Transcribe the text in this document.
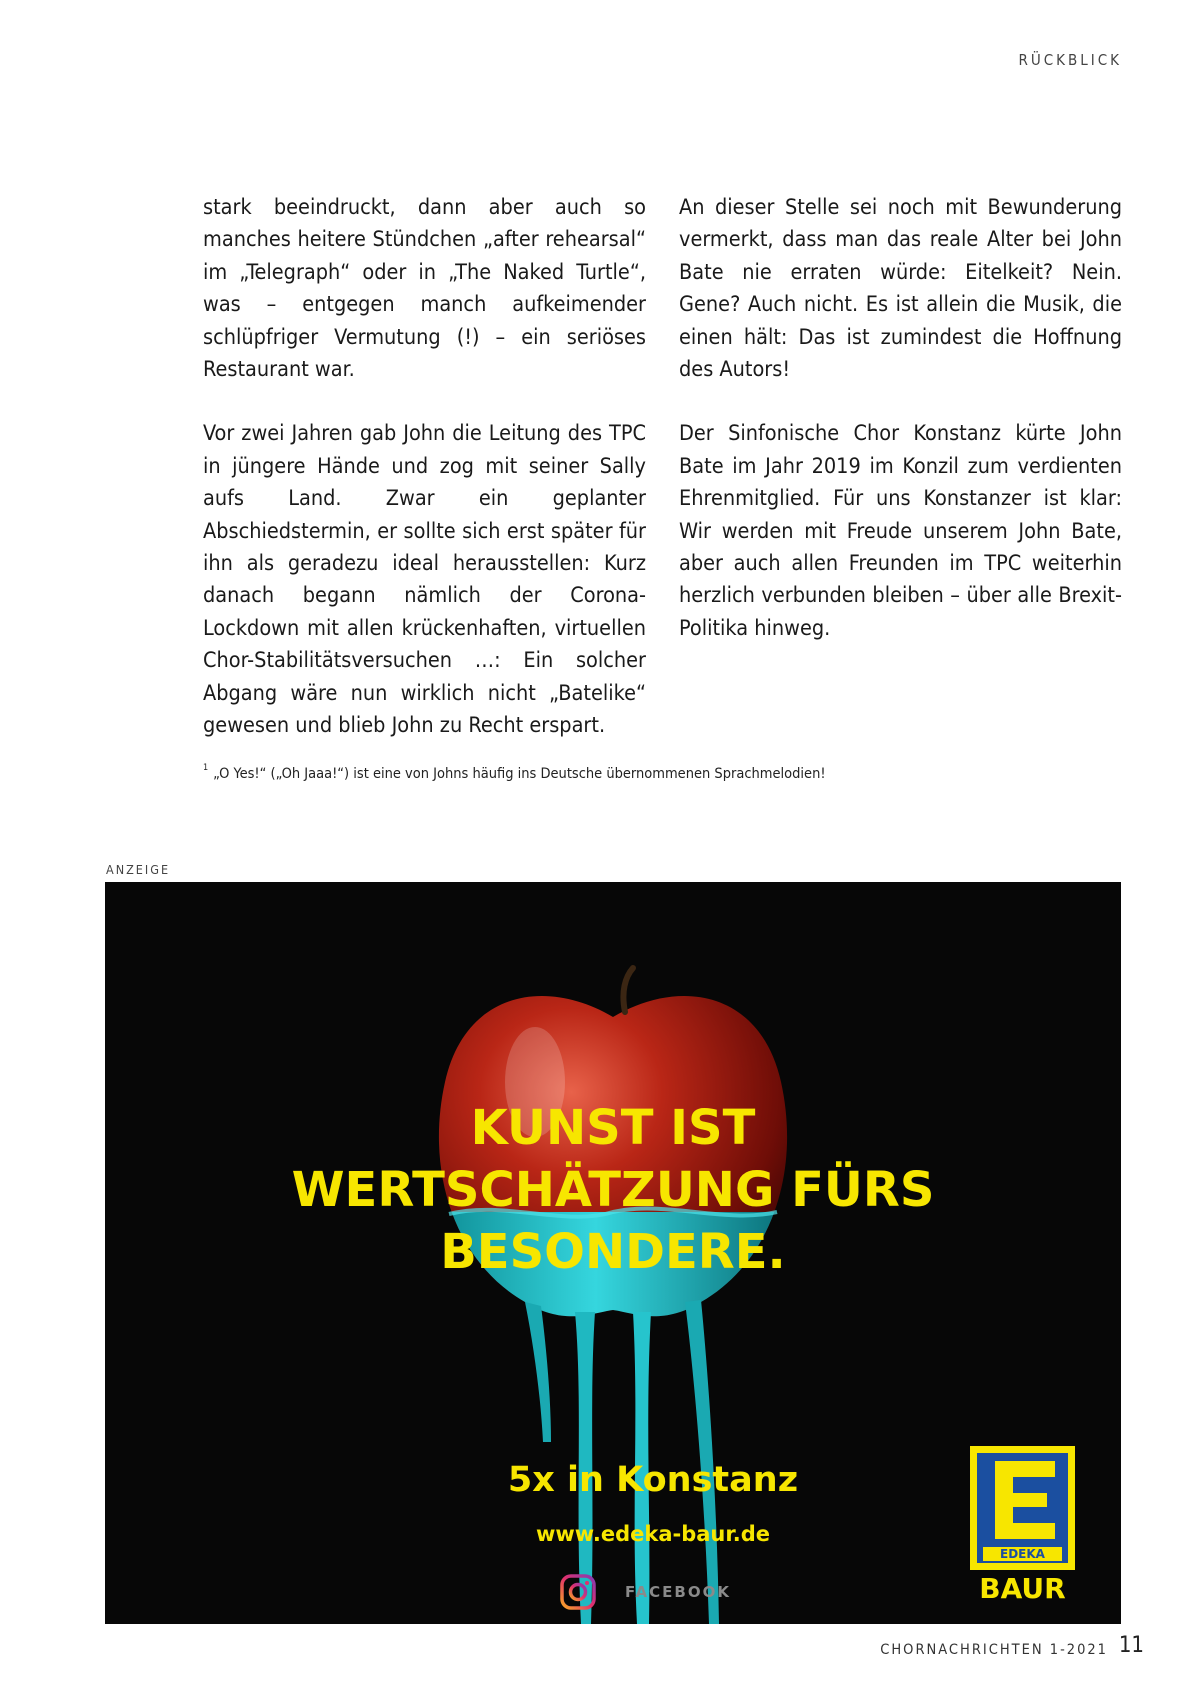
RÜCKBLICK

stark beeindruckt, dann aber auch so manches heitere Stündchen „after rehearsal“ im „Telegraph“ oder in „The Naked Turtle“, was – entgegen manch aufkeimender schlüpfriger Vermutung (!) – ein seriöses Restaurant war.

Vor zwei Jahren gab John die Leitung des TPC in jüngere Hände und zog mit seiner Sally aufs Land. Zwar ein geplanter Abschiedstermin, er sollte sich erst später für ihn als geradezu ideal herausstellen: Kurz danach begann nämlich der Corona-Lockdown mit allen krückenhaften, virtuellen Chor-Stabilitätsversuchen …: Ein solcher Abgang wäre nun wirklich nicht „Batelike“ gewesen und blieb John zu Recht erspart.

An dieser Stelle sei noch mit Bewunderung vermerkt, dass man das reale Alter bei John Bate nie erraten würde: Eitelkeit? Nein. Gene? Auch nicht. Es ist allein die Musik, die einen hält: Das ist zumindest die Hoffnung des Autors!

Der Sinfonische Chor Konstanz kürte John Bate im Jahr 2019 im Konzil zum verdienten Ehrenmitglied. Für uns Konstanzer ist klar: Wir werden mit Freude unserem John Bate, aber auch allen Freunden im TPC weiterhin herzlich verbunden bleiben – über alle Brexit-Politika hinweg.

$^1$ „O Yes!“ („Oh Jaaa!“) ist eine von Johns häufig ins Deutsche übernommenen Sprachmelodien!
ANZEIGE
KUNST IST
WERTSCHÄTZUNG FÜRS
BESONDERE.
5x in Konstanz
www.edeka-baur.de
FACEBOOK
EDEKA
BAUR
CHORNACHRICHTEN 1-2021 11
